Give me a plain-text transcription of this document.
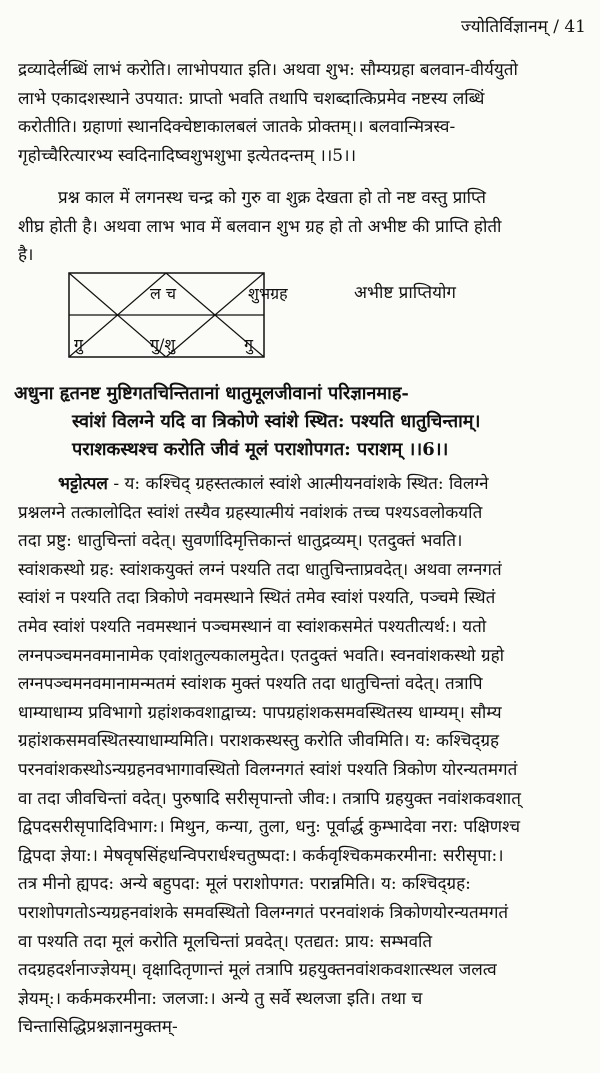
ज्योतिर्विज्ञानम् / 41
द्रव्यादेर्लब्धिं लाभं करोति। लाभोपयात इति। अथवा शुभ: सौम्यग्रहा बलवान-वीर्ययुतो
लाभे एकादशस्थाने उपयात: प्राप्तो भवति तथापि चशब्दात्किप्रमेव नष्टस्य लब्धिं
करोतीति। ग्रहाणां स्थानदिक्चेष्टाकालबलं जातके प्रोक्तम्।। बलवान्मित्रस्व-
गृहोच्चैरित्यारभ्य स्वदिनादिष्वशुभशुभा इत्येतदन्तम् ।।5।।
प्रश्न काल में लगनस्थ चन्द्र को गुरु वा शुक्र देखता हो तो नष्ट वस्तु प्राप्ति
शीघ्र होती है। अथवा लाभ भाव में बलवान शुभ ग्रह हो तो अभीष्ट की प्राप्ति होती
है।
ल च	शुभग्रह
गु	गु/शु	गु
अभीष्ट प्राप्तियोग
अधुना हृतनष्ट मुष्टिगतचिन्तितानां धातुमूलजीवानां परिज्ञानमाह-
स्वांशं विलग्ने यदि वा त्रिकोणे स्वांशे स्थित: पश्यति धातुचिन्ताम्।
पराशकस्थश्च करोति जीवं मूलं पराशोपगत: पराशम् ।।6।।
भट्टोत्पल - य: कश्चिद् ग्रहस्तत्कालं स्वांशे आत्मीयनवांशके स्थित: विलग्ने
प्रश्नलग्ने तत्कालोदित स्वांशं तस्यैव ग्रहस्यात्मीयं नवांशकं तच्च पश्यऽवलोकयति
तदा प्रष्टु: धातुचिन्तां वदेत्। सुवर्णादिमृत्तिकान्तं धातुद्रव्यम्। एतदुक्तं भवति।
स्वांशकस्थो ग्रह: स्वांशकयुक्तं लग्नं पश्यति तदा धातुचिन्ताप्रवदेत्। अथवा लग्नगतं
स्वांशं न पश्यति तदा त्रिकोणे नवमस्थाने स्थितं तमेव स्वांशं पश्यति, पञ्चमे स्थितं
तमेव स्वांशं पश्यति नवमस्थानं पञ्चमस्थानं वा स्वांशकसमेतं पश्यतीत्यर्थ:। यतो
लग्नपञ्चमनवमानामेक एवांशतुल्यकालमुदेत। एतदुक्तं भवति। स्वनवांशकस्थो ग्रहो
लग्नपञ्चमनवमानामन्मतमं स्वांशक मुक्तं पश्यति तदा धातुचिन्तां वदेत्। तत्रापि
धाम्याधाम्य प्रविभागो ग्रहांशकवशाद्वाच्य: पापग्रहांशकसमवस्थितस्य धाम्यम्। सौम्य
ग्रहांशकसमवस्थितस्याधाम्यमिति। पराशकस्थस्तु करोति जीवमिति। य: कश्चिद्ग्रह
परनवांशकस्थोऽन्यग्रहनवभागावस्थितो विलग्नगतं स्वांशं पश्यति त्रिकोण योरन्यतमगतं
वा तदा जीवचिन्तां वदेत्। पुरुषादि सरीसृपान्तो जीव:। तत्रापि ग्रहयुक्त नवांशकवशात्
द्विपदसरीसृपादिविभाग:। मिथुन, कन्या, तुला, धनु: पूर्वार्द्ध कुम्भादेवा नरा: पक्षिणश्च
द्विपदा ज्ञेया:। मेषवृषसिंहधन्विपरार्धश्चतुष्पदा:। कर्कवृश्चिकमकरमीना: सरीसृपा:।
तत्र मीनो ह्यपद: अन्ये बहुपदा: मूलं पराशोपगत: परान्नमिति। य: कश्चिद्ग्रह:
पराशोपगतोऽन्यग्रहनवांशके समवस्थितो विलग्नगतं परनवांशकं त्रिकोणयोरन्यतमगतं
वा पश्यति तदा मूलं करोति मूलचिन्तां प्रवदेत्। एतद्यत: प्राय: सम्भवति
तदग्रहदर्शनाज्ज्ञेयम्। वृक्षादितृणान्तं मूलं तत्रापि ग्रहयुक्तनवांशकवशात्स्थल जलत्व
ज्ञेयम्:। कर्कमकरमीना: जलजा:। अन्ये तु सर्वे स्थलजा इति। तथा च
चिन्तासिद्धिप्रश्नज्ञानमुक्तम्-
